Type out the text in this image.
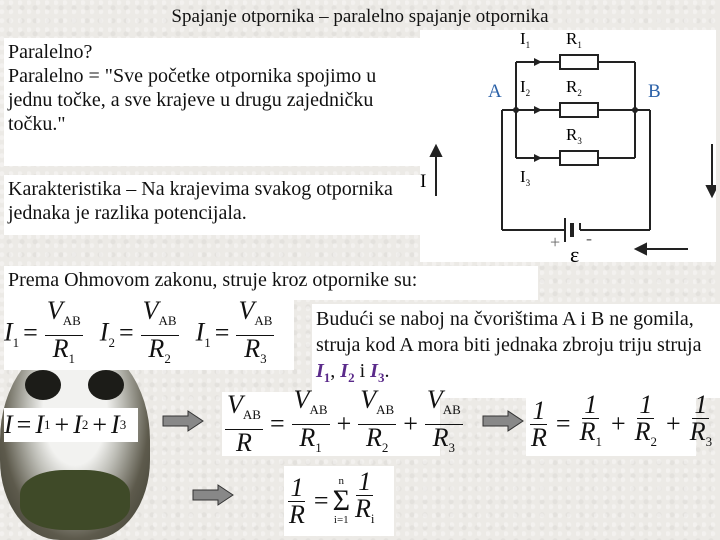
Spajanje otpornika – paralelno spajanje otpornika
Paralelno?
Paralelno = "Sve početke otpornika spojimo u jednu točke, a sve krajeve u drugu zajedničku točku."
Karakteristika – Na krajevima svakog otpornika jednaka je razlika potencijala.
Prema Ohmovom zakonu, struje kroz otpornike su:
A	B
I
$I_1$ $R_1$
$I_2$ $R_2$
$R_3$
$I_3$
+ -
ε
$I_1 = \frac{V_{AB}}{R_1} I_2 = \frac{V_{AB}}{R_2} I_1 = \frac{V_{AB}}{R_3}$ Budući se naboj na čvorištima A i B ne gomila, struja kod A mora biti jednaka zbroju triju struja $I_1$, $I_2$ i $I_3$.
I = I 1 + I 2 + I 3	$\frac{V_{AB}}{R} = \frac{V_{AB}}{R_1} + \frac{V_{AB}}{R_2} + \frac{V_{AB}}{R_3}$	$\frac{1}{R} = \frac{1}{R_1} + \frac{1}{R_2} + \frac{1}{R_3}$
$\frac{1}{R}$ =
n
Σ
$i=1 \frac{1}{R_i}$
